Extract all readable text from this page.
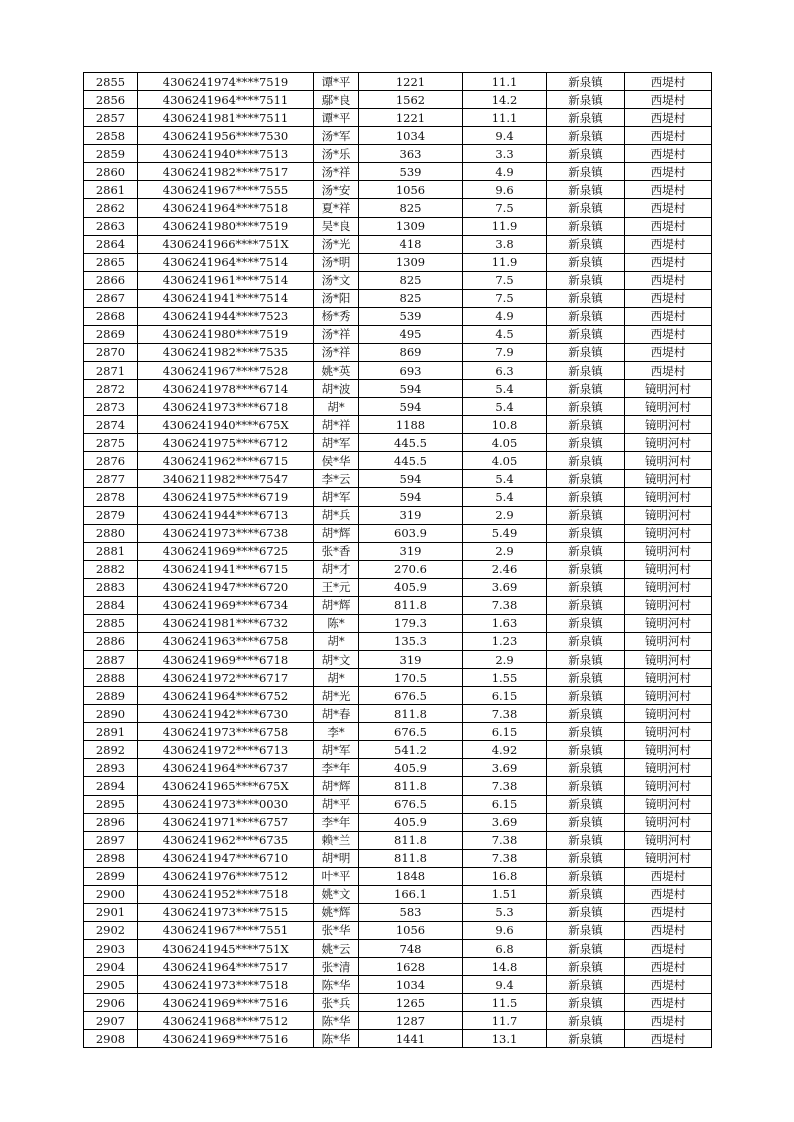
2855	4306241974****7519	谭*平	1221	11.1	新泉镇	西堤村
2856	4306241964****7511	鄢*良	1562	14.2	新泉镇	西堤村
2857	4306241981****7511	谭*平	1221	11.1	新泉镇	西堤村
2858	4306241956****7530	汤*军	1034	9.4	新泉镇	西堤村
2859	4306241940****7513	汤*乐	363	3.3	新泉镇	西堤村
2860	4306241982****7517	汤*祥	539	4.9	新泉镇	西堤村
2861	4306241967****7555	汤*安	1056	9.6	新泉镇	西堤村
2862	4306241964****7518	夏*祥	825	7.5	新泉镇	西堤村
2863	4306241980****7519	吴*良	1309	11.9	新泉镇	西堤村
2864	4306241966****751X	汤*光	418	3.8	新泉镇	西堤村
2865	4306241964****7514	汤*明	1309	11.9	新泉镇	西堤村
2866	4306241961****7514	汤*文	825	7.5	新泉镇	西堤村
2867	4306241941****7514	汤*阳	825	7.5	新泉镇	西堤村
2868	4306241944****7523	杨*秀	539	4.9	新泉镇	西堤村
2869	4306241980****7519	汤*祥	495	4.5	新泉镇	西堤村
2870	4306241982****7535	汤*祥	869	7.9	新泉镇	西堤村
2871	4306241967****7528	姚*英	693	6.3	新泉镇	西堤村
2872	4306241978****6714	胡*波	594	5.4	新泉镇	镜明河村
2873	4306241973****6718	胡*	594	5.4	新泉镇	镜明河村
2874	4306241940****675X	胡*祥	1188	10.8	新泉镇	镜明河村
2875	4306241975****6712	胡*军	445.5	4.05	新泉镇	镜明河村
2876	4306241962****6715	侯*华	445.5	4.05	新泉镇	镜明河村
2877	3406211982****7547	李*云	594	5.4	新泉镇	镜明河村
2878	4306241975****6719	胡*军	594	5.4	新泉镇	镜明河村
2879	4306241944****6713	胡*兵	319	2.9	新泉镇	镜明河村
2880	4306241973****6738	胡*辉	603.9	5.49	新泉镇	镜明河村
2881	4306241969****6725	张*香	319	2.9	新泉镇	镜明河村
2882	4306241941****6715	胡*才	270.6	2.46	新泉镇	镜明河村
2883	4306241947****6720	王*元	405.9	3.69	新泉镇	镜明河村
2884	4306241969****6734	胡*辉	811.8	7.38	新泉镇	镜明河村
2885	4306241981****6732	陈*	179.3	1.63	新泉镇	镜明河村
2886	4306241963****6758	胡*	135.3	1.23	新泉镇	镜明河村
2887	4306241969****6718	胡*文	319	2.9	新泉镇	镜明河村
2888	4306241972****6717	胡*	170.5	1.55	新泉镇	镜明河村
2889	4306241964****6752	胡*光	676.5	6.15	新泉镇	镜明河村
2890	4306241942****6730	胡*春	811.8	7.38	新泉镇	镜明河村
2891	4306241973****6758	李*	676.5	6.15	新泉镇	镜明河村
2892	4306241972****6713	胡*军	541.2	4.92	新泉镇	镜明河村
2893	4306241964****6737	李*年	405.9	3.69	新泉镇	镜明河村
2894	4306241965****675X	胡*辉	811.8	7.38	新泉镇	镜明河村
2895	4306241973****0030	胡*平	676.5	6.15	新泉镇	镜明河村
2896	4306241971****6757	李*年	405.9	3.69	新泉镇	镜明河村
2897	4306241962****6735	赖*兰	811.8	7.38	新泉镇	镜明河村
2898	4306241947****6710	胡*明	811.8	7.38	新泉镇	镜明河村
2899	4306241976****7512	叶*平	1848	16.8	新泉镇	西堤村
2900	4306241952****7518	姚*文	166.1	1.51	新泉镇	西堤村
2901	4306241973****7515	姚*辉	583	5.3	新泉镇	西堤村
2902	4306241967****7551	张*华	1056	9.6	新泉镇	西堤村
2903	4306241945****751X	姚*云	748	6.8	新泉镇	西堤村
2904	4306241964****7517	张*清	1628	14.8	新泉镇	西堤村
2905	4306241973****7518	陈*华	1034	9.4	新泉镇	西堤村
2906	4306241969****7516	张*兵	1265	11.5	新泉镇	西堤村
2907	4306241968****7512	陈*华	1287	11.7	新泉镇	西堤村
2908	4306241969****7516	陈*华	1441	13.1	新泉镇	西堤村
